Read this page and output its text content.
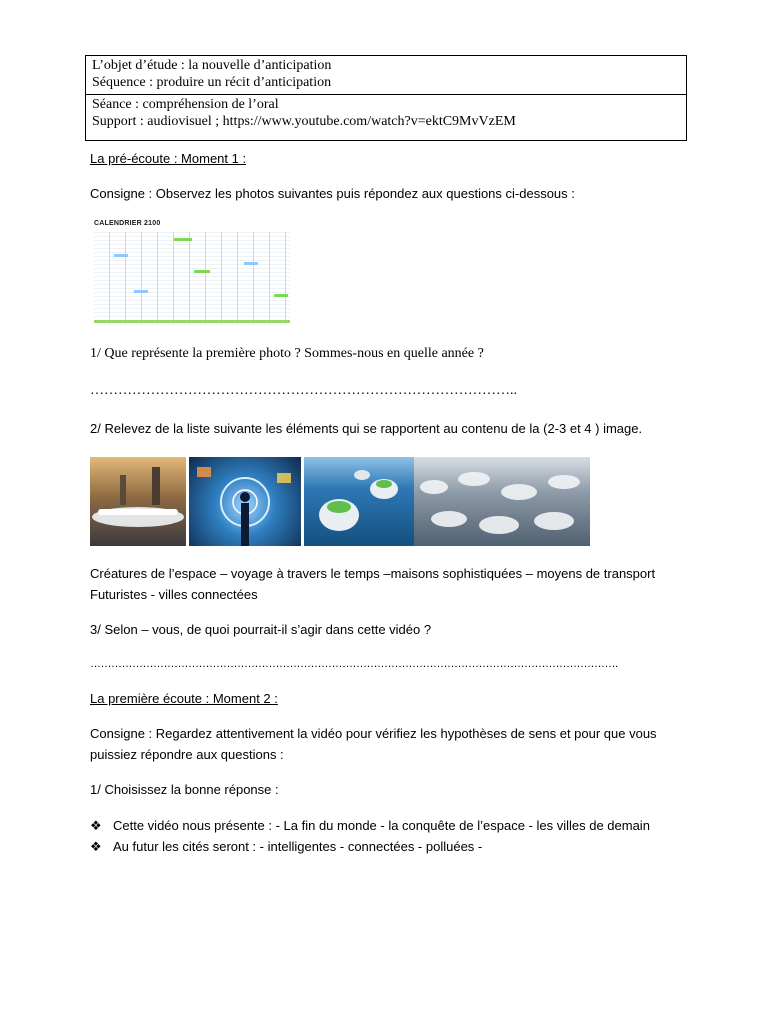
L’objet d’étude : la nouvelle d’anticipation
Séquence : produire un récit d’anticipation
Séance : compréhension de l’oral
Support : audiovisuel ; https://www.youtube.com/watch?v=ektC9MvVzEM
La pré-écoute : Moment 1 :
Consigne : Observez les photos suivantes puis répondez aux questions ci-dessous :
CALENDRIER 2100
1/ Que représente la première photo ? Sommes-nous en quelle année ?
………………………………………………………………………………..
2/ Relevez de la liste suivante les éléments qui se rapportent au contenu de la (2-3 et 4 ) image.
Créatures de l’espace – voyage à travers le temps –maisons sophistiquées – moyens de transport Futuristes - villes connectées
3/ Selon – vous, de quoi pourrait-il s’agir dans cette vidéo ?
…………………………………………………………………………………………………………………………………….
La première écoute : Moment 2 :
Consigne : Regardez attentivement la vidéo pour vérifiez les hypothèses de sens et pour que vous puissiez répondre aux questions :
1/ Choisissez la bonne réponse :
❖ Cette vidéo nous présente : - La fin du monde - la conquête de l’espace - les villes de demain
❖ Au futur les cités seront : - intelligentes - connectées - polluées -
